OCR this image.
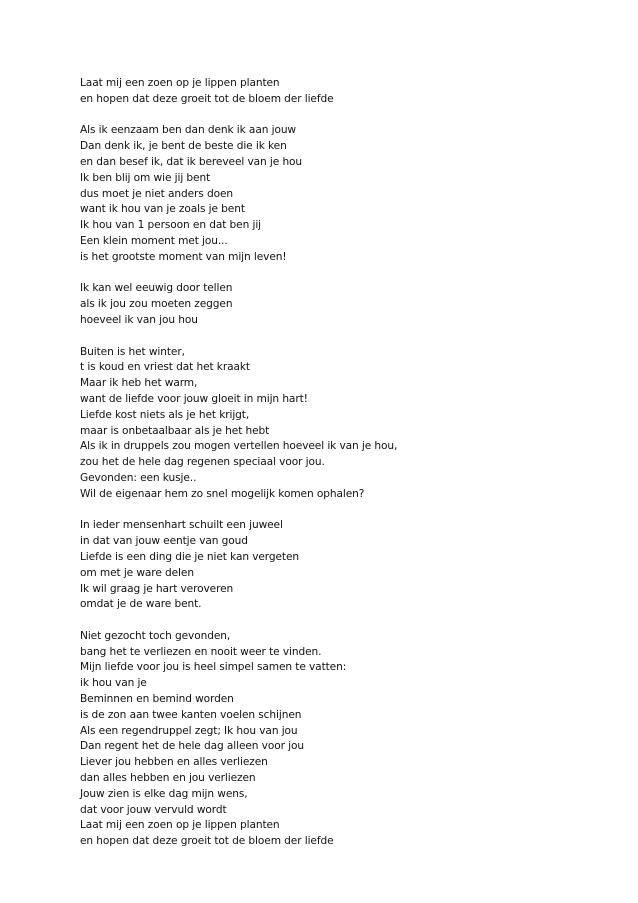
Laat mij een zoen op je lippen planten
en hopen dat deze groeit tot de bloem der liefde
Als ik eenzaam ben dan denk ik aan jouw
Dan denk ik, je bent de beste die ik ken
en dan besef ik, dat ik bereveel van je hou
Ik ben blij om wie jij bent
dus moet je niet anders doen
want ik hou van je zoals je bent
Ik hou van 1 persoon en dat ben jij
Een klein moment met jou...
is het grootste moment van mijn leven!
Ik kan wel eeuwig door tellen
als ik jou zou moeten zeggen
hoeveel ik van jou hou
Buiten is het winter,
t is koud en vriest dat het kraakt
Maar ik heb het warm,
want de liefde voor jouw gloeit in mijn hart!
Liefde kost niets als je het krijgt,
maar is onbetaalbaar als je het hebt
Als ik in druppels zou mogen vertellen hoeveel ik van je hou,
zou het de hele dag regenen speciaal voor jou.
Gevonden: een kusje..
Wil de eigenaar hem zo snel mogelijk komen ophalen?
In ieder mensenhart schuilt een juweel
in dat van jouw eentje van goud
Liefde is een ding die je niet kan vergeten
om met je ware delen
Ik wil graag je hart veroveren
omdat je de ware bent.
Niet gezocht toch gevonden,
bang het te verliezen en nooit weer te vinden.
Mijn liefde voor jou is heel simpel samen te vatten:
ik hou van je
Beminnen en bemind worden
is de zon aan twee kanten voelen schijnen
Als een regendruppel zegt; Ik hou van jou
Dan regent het de hele dag alleen voor jou
Liever jou hebben en alles verliezen
dan alles hebben en jou verliezen
Jouw zien is elke dag mijn wens,
dat voor jouw vervuld wordt
Laat mij een zoen op je lippen planten
en hopen dat deze groeit tot de bloem der liefde
